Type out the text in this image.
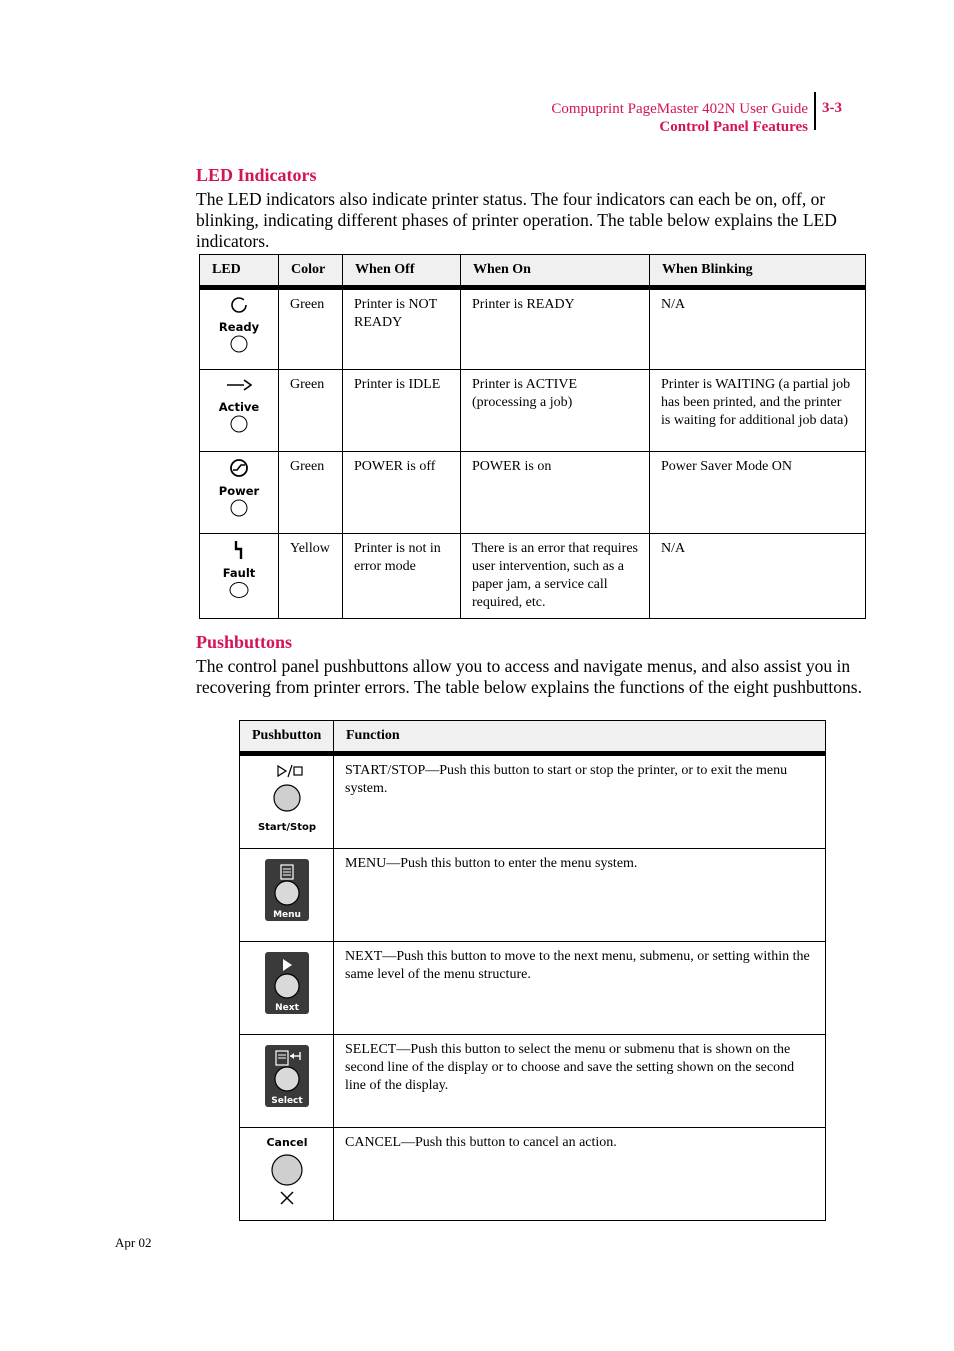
Compuprint PageMaster 402N User Guide
Control Panel Features
3-3
LED Indicators
The LED indicators also indicate printer status. The four indicators can each be on, off, or blinking, indicating different phases of printer operation. The table below explains the LED indicators.
LED	Color	When Off	When On	When Blinking

Ready	Green	Printer is NOT READY	Printer is READY	N/A

Active	Green	Printer is IDLE	Printer is ACTIVE (processing a job)	Printer is WAITING (a partial job has been printed, and the printer is waiting for additional job data)

Power	Green	POWER is off	POWER is on	Power Saver Mode ON

Fault	Yellow	Printer is not in error mode	There is an error that requires user intervention, such as a paper jam, a service call required, etc.	N/A
Pushbuttons
The control panel pushbuttons allow you to access and navigate menus, and also assist you in recovering from printer errors. The table below explains the functions of the eight pushbuttons.
Pushbutton	Function

Start/Stop	START/STOP—Push this button to start or stop the printer, or to exit the menu system.

Menu	MENU—Push this button to enter the menu system.

Next	NEXT—Push this button to move to the next menu, submenu, or setting within the same level of the menu structure.

Select	SELECT—Push this button to select the menu or submenu that is shown on the second line of the display or to choose and save the setting shown on the second line of the display.

Cancel	CANCEL—Push this button to cancel an action.
Apr 02
